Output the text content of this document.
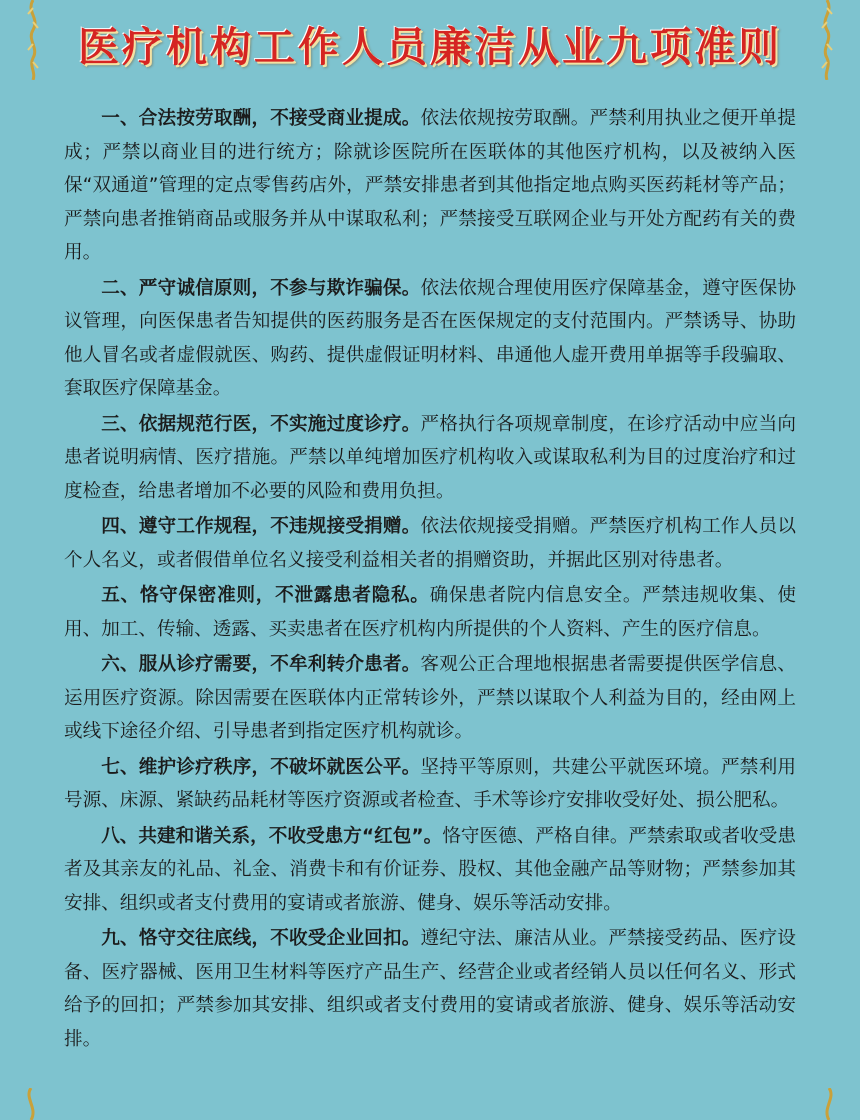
医疗机构工作人员廉洁从业九项准则

一、合法按劳取酬，不接受商业提成。依法依规按劳取酬。严禁利用执业之便开单提成；严禁以商业目的进行统方；除就诊医院所在医联体的其他医疗机构，以及被纳入医保“双通道”管理的定点零售药店外，严禁安排患者到其他指定地点购买医药耗材等产品；严禁向患者推销商品或服务并从中谋取私利；严禁接受互联网企业与开处方配药有关的费用。

二、严守诚信原则，不参与欺诈骗保。依法依规合理使用医疗保障基金，遵守医保协议管理，向医保患者告知提供的医药服务是否在医保规定的支付范围内。严禁诱导、协助他人冒名或者虚假就医、购药、提供虚假证明材料、串通他人虚开费用单据等手段骗取、套取医疗保障基金。

三、依据规范行医，不实施过度诊疗。严格执行各项规章制度，在诊疗活动中应当向患者说明病情、医疗措施。严禁以单纯增加医疗机构收入或谋取私利为目的过度治疗和过度检查，给患者增加不必要的风险和费用负担。

四、遵守工作规程，不违规接受捐赠。依法依规接受捐赠。严禁医疗机构工作人员以个人名义，或者假借单位名义接受利益相关者的捐赠资助，并据此区别对待患者。

五、恪守保密准则，不泄露患者隐私。确保患者院内信息安全。严禁违规收集、使用、加工、传输、透露、买卖患者在医疗机构内所提供的个人资料、产生的医疗信息。

六、服从诊疗需要，不牟利转介患者。客观公正合理地根据患者需要提供医学信息、运用医疗资源。除因需要在医联体内正常转诊外，严禁以谋取个人利益为目的，经由网上或线下途径介绍、引导患者到指定医疗机构就诊。

七、维护诊疗秩序，不破坏就医公平。坚持平等原则，共建公平就医环境。严禁利用号源、床源、紧缺药品耗材等医疗资源或者检查、手术等诊疗安排收受好处、损公肥私。

八、共建和谐关系，不收受患方“红包”。恪守医德、严格自律。严禁索取或者收受患者及其亲友的礼品、礼金、消费卡和有价证券、股权、其他金融产品等财物；严禁参加其安排、组织或者支付费用的宴请或者旅游、健身、娱乐等活动安排。

九、恪守交往底线，不收受企业回扣。遵纪守法、廉洁从业。严禁接受药品、医疗设备、医疗器械、医用卫生材料等医疗产品生产、经营企业或者经销人员以任何名义、形式给予的回扣；严禁参加其安排、组织或者支付费用的宴请或者旅游、健身、娱乐等活动安排。
